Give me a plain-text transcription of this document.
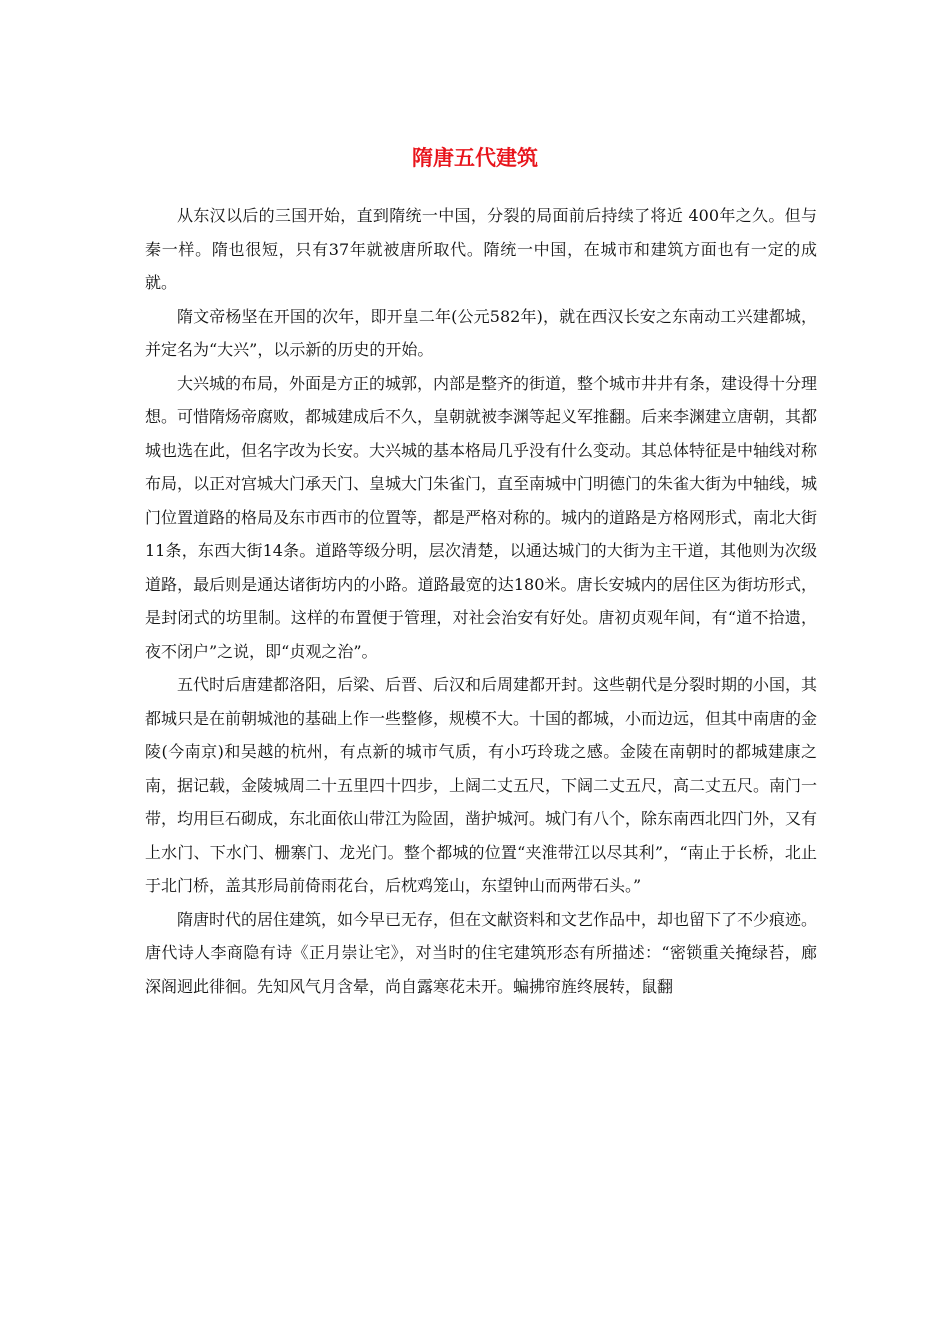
隋唐五代建筑

从东汉以后的三国开始，直到隋统一中国，分裂的局面前后持续了将近 400年之久。但与秦一样。隋也很短，只有37年就被唐所取代。隋统一中国，在城市和建筑方面也有一定的成就。

隋文帝杨坚在开国的次年，即开皇二年(公元582年)，就在西汉长安之东南动工兴建都城，并定名为“大兴”，以示新的历史的开始。

大兴城的布局，外面是方正的城郭，内部是整齐的街道，整个城市井井有条，建设得十分理想。可惜隋炀帝腐败，都城建成后不久，皇朝就被李渊等起义军推翻。后来李渊建立唐朝，其都城也选在此，但名字改为长安。大兴城的基本格局几乎没有什么变动。其总体特征是中轴线对称布局，以正对宫城大门承天门、皇城大门朱雀门，直至南城中门明德门的朱雀大街为中轴线，城门位置道路的格局及东市西市的位置等，都是严格对称的。城内的道路是方格网形式，南北大街11条，东西大街14条。道路等级分明，层次清楚，以通达城门的大街为主干道，其他则为次级道路，最后则是通达诸街坊内的小路。道路最宽的达180米。唐长安城内的居住区为街坊形式，是封闭式的坊里制。这样的布置便于管理，对社会治安有好处。唐初贞观年间，有“道不拾遗，夜不闭户”之说，即“贞观之治”。

五代时后唐建都洛阳，后梁、后晋、后汉和后周建都开封。这些朝代是分裂时期的小国，其都城只是在前朝城池的基础上作一些整修，规模不大。十国的都城，小而边远，但其中南唐的金陵(今南京)和吴越的杭州，有点新的城市气质，有小巧玲珑之感。金陵在南朝时的都城建康之南，据记载，金陵城周二十五里四十四步，上阔二丈五尺，下阔二丈五尺，高二丈五尺。南门一带，均用巨石砌成，东北面依山带江为险固，凿护城河。城门有八个，除东南西北四门外，又有上水门、下水门、栅寨门、龙光门。整个都城的位置“夹淮带江以尽其利”，“南止于长桥，北止于北门桥，盖其形局前倚雨花台，后枕鸡笼山，东望钟山而两带石头。”

隋唐时代的居住建筑，如今早已无存，但在文献资料和文艺作品中，却也留下了不少痕迹。唐代诗人李商隐有诗《正月崇让宅》，对当时的住宅建筑形态有所描述：“密锁重关掩绿苔，廊深阁迥此徘徊。先知风气月含晕，尚自露寒花未开。蝙拂帘旌终展转，鼠翻
